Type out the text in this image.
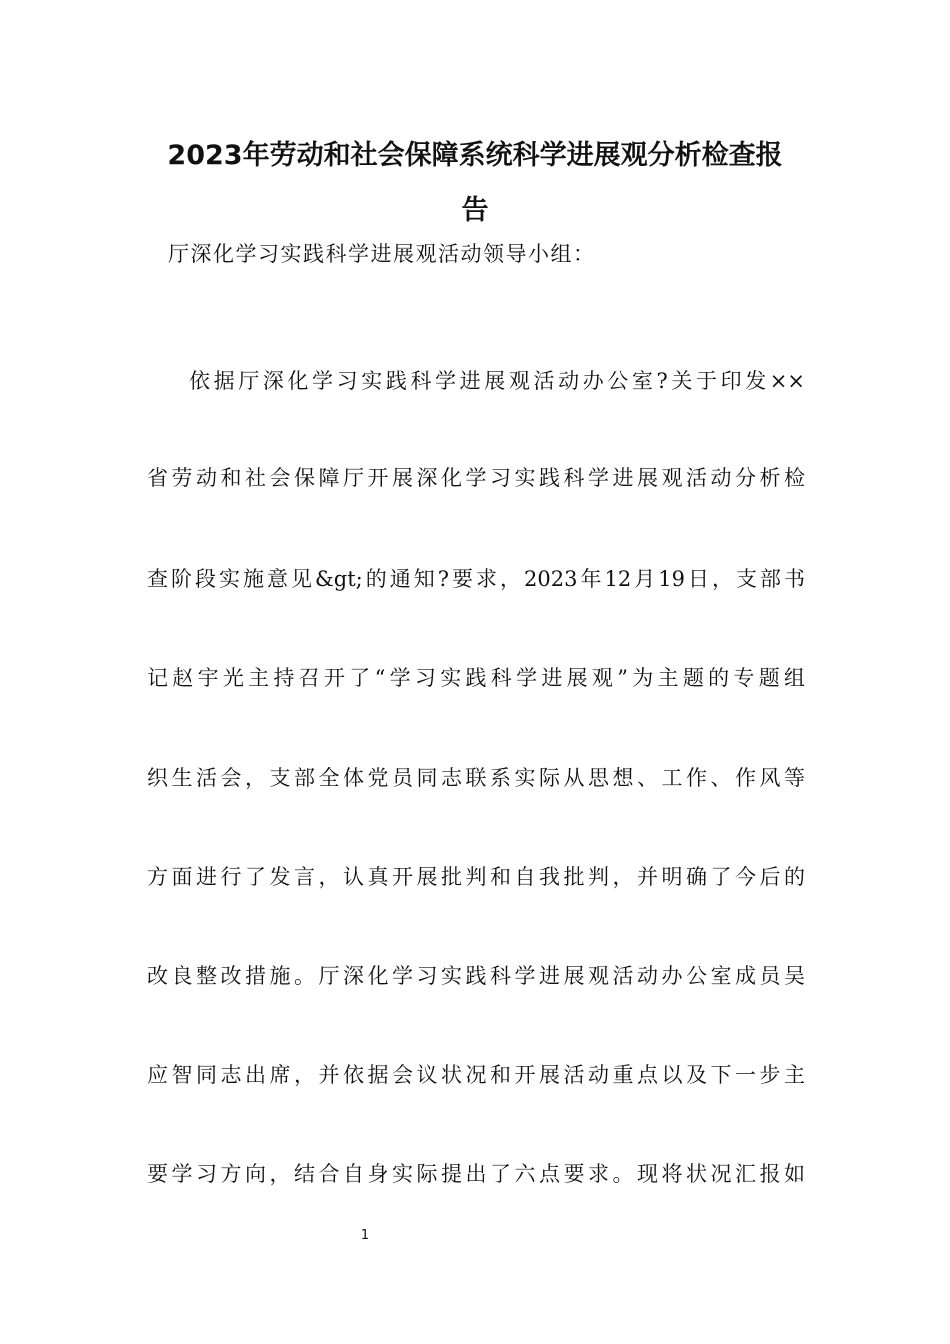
2023年劳动和社会保障系统科学进展观分析检查报
告
厅深化学习实践科学进展观活动领导小组：
依据厅深化学习实践科学进展观活动办公室?关于印发××
省劳动和社会保障厅开展深化学习实践科学进展观活动分析检
查阶段实施意见&gt;的通知?要求，2023年12月19日，支部书
记赵宇光主持召开了“学习实践科学进展观”为主题的专题组
织生活会，支部全体党员同志联系实际从思想、工作、作风等
方面进行了发言，认真开展批判和自我批判，并明确了今后的
改良整改措施。厅深化学习实践科学进展观活动办公室成员吴
应智同志出席，并依据会议状况和开展活动重点以及下一步主
要学习方向，结合自身实际提出了六点要求。现将状况汇报如
1
